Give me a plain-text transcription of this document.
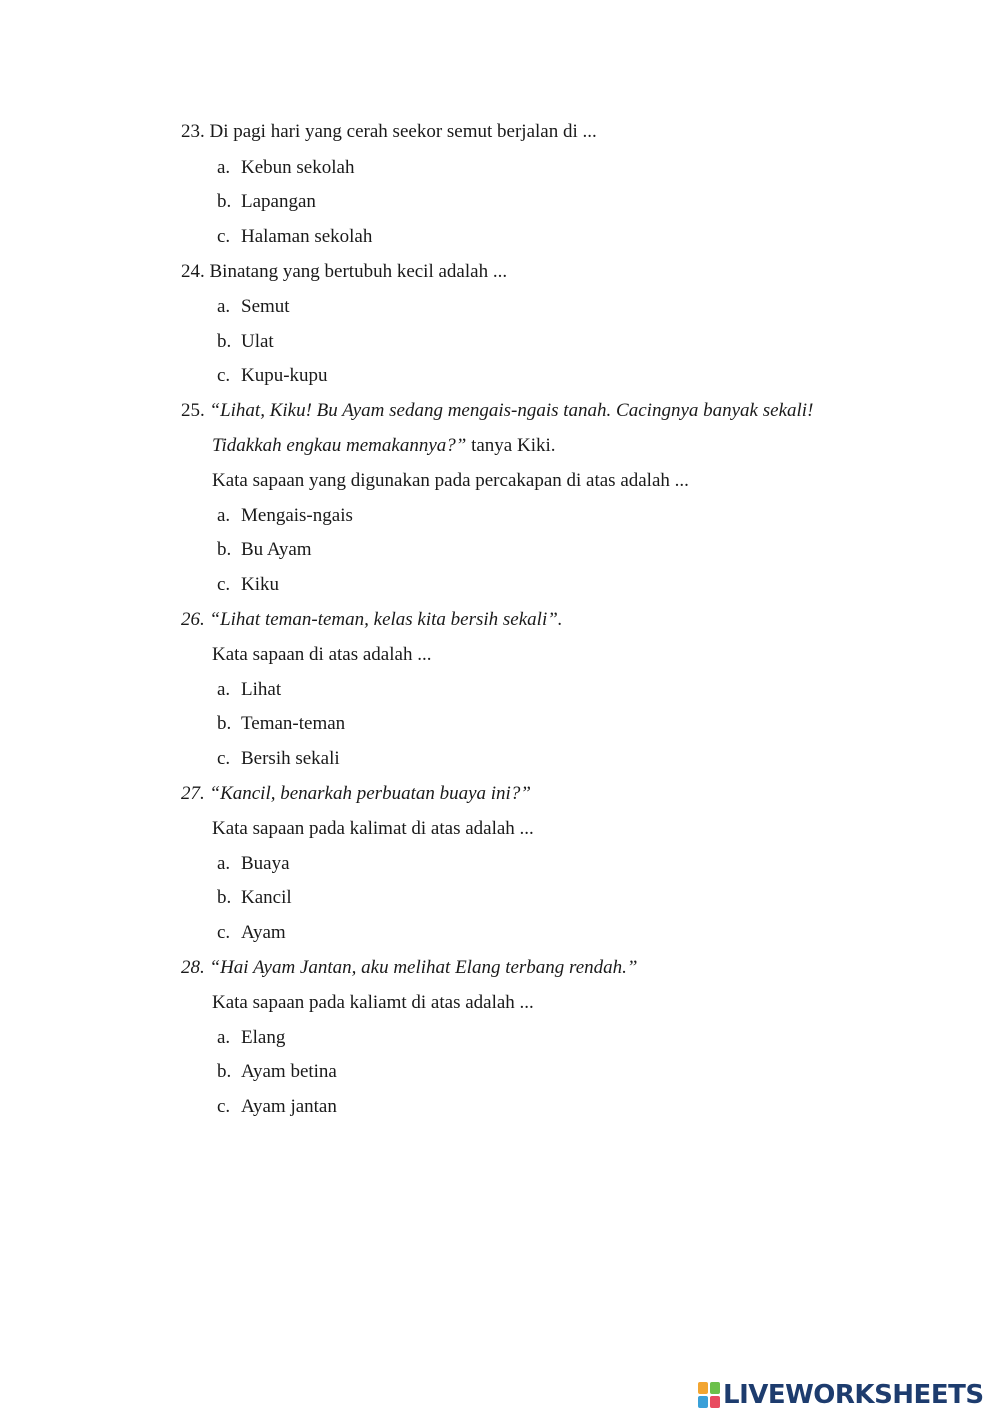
23. Di pagi hari yang cerah seekor semut berjalan di ...
a. Kebun sekolah
b. Lapangan
c. Halaman sekolah
24. Binatang yang bertubuh kecil adalah ...
a. Semut
b. Ulat
c. Kupu-kupu
25. “Lihat, Kiku! Bu Ayam sedang mengais-ngais tanah. Cacingnya banyak sekali!
Tidakkah engkau memakannya?” tanya Kiki.
Kata sapaan yang digunakan pada percakapan di atas adalah ...
a. Mengais-ngais
b. Bu Ayam
c. Kiku
26. “Lihat teman-teman, kelas kita bersih sekali”.
Kata sapaan di atas adalah ...
a. Lihat
b. Teman-teman
c. Bersih sekali
27. “Kancil, benarkah perbuatan buaya ini?”
Kata sapaan pada kalimat di atas adalah ...
a. Buaya
b. Kancil
c. Ayam
28. “Hai Ayam Jantan, aku melihat Elang terbang rendah.”
Kata sapaan pada kaliamt di atas adalah ...
a. Elang
b. Ayam betina
c. Ayam jantan
LIVEWORKSHEETS
